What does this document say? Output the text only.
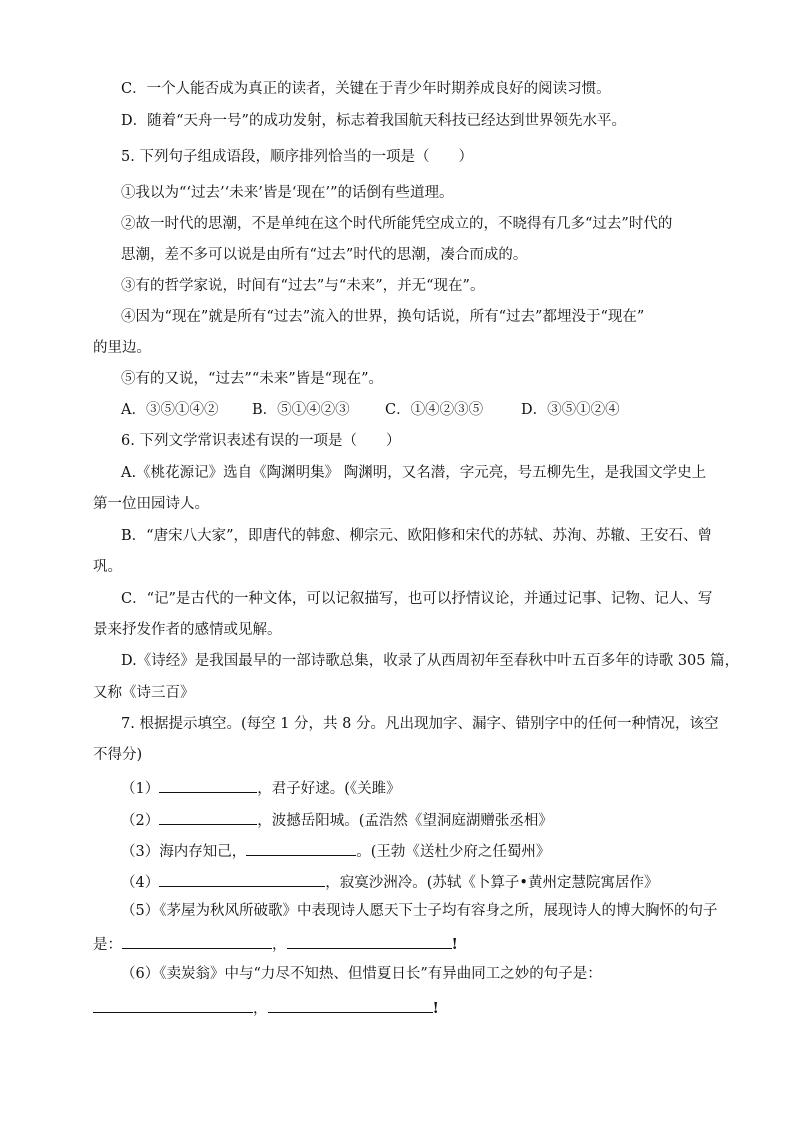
C．一个人能否成为真正的读者，关键在于青少年时期养成良好的阅读习惯。
D．随着“天舟一号”的成功发射，标志着我国航天科技已经达到世界领先水平。
5. 下列句子组成语段，顺序排列恰当的一项是（　　）
①我以为“‘过去’‘未来’皆是‘现在’”的话倒有些道理。
②故一时代的思潮，不是单纯在这个时代所能凭空成立的，不晓得有几多“过去”时代的
思潮，差不多可以说是由所有“过去”时代的思潮，凑合而成的。
③有的哲学家说，时间有“过去”与“未来”，并无“现在”。
④因为“现在”就是所有“过去”流入的世界，换句话说，所有“过去”都埋没于“现在”
的里边。
⑤有的又说，“过去”“未来”皆是“现在”。
A．③⑤①④② B．⑤①④②③ C．①④②③⑤	D．③⑤①②④
6. 下列文学常识表述有误的一项是（　　）
A.《桃花源记》选自《陶渊明集》 陶渊明，又名潜，字元亮，号五柳先生，是我国文学史上
第一位田园诗人。
B．“唐宋八大家”，即唐代的韩愈、柳宗元、欧阳修和宋代的苏轼、苏洵、苏辙、王安石、曾
巩。
C．“记”是古代的一种文体，可以记叙描写，也可以抒情议论，并通过记事、记物、记人、写
景来抒发作者的感情或见解。
D.《诗经》是我国最早的一部诗歌总集，收录了从西周初年至春秋中叶五百多年的诗歌 305 篇，
又称《诗三百》
7. 根据提示填空。(每空 1 分，共 8 分。凡出现加字、漏字、错别字中的任何一种情况，该空
不得分)
（1）	，君子好逑。(《关雎》
（2）	，波撼岳阳城。(孟浩然《望洞庭湖赠张丞相》
（3）海内存知己，	。(王勃《送杜少府之任蜀州》
（4）	，寂寞沙洲冷。(苏轼《卜算子•黄州定慧院寓居作》
（5）《茅屋为秋风所破歌》中表现诗人愿天下士子均有容身之所，展现诗人的博大胸怀的句子
是：	，	!
（6）《卖炭翁》中与“力尽不知热、但惜夏日长”有异曲同工之妙的句子是：
，	!
